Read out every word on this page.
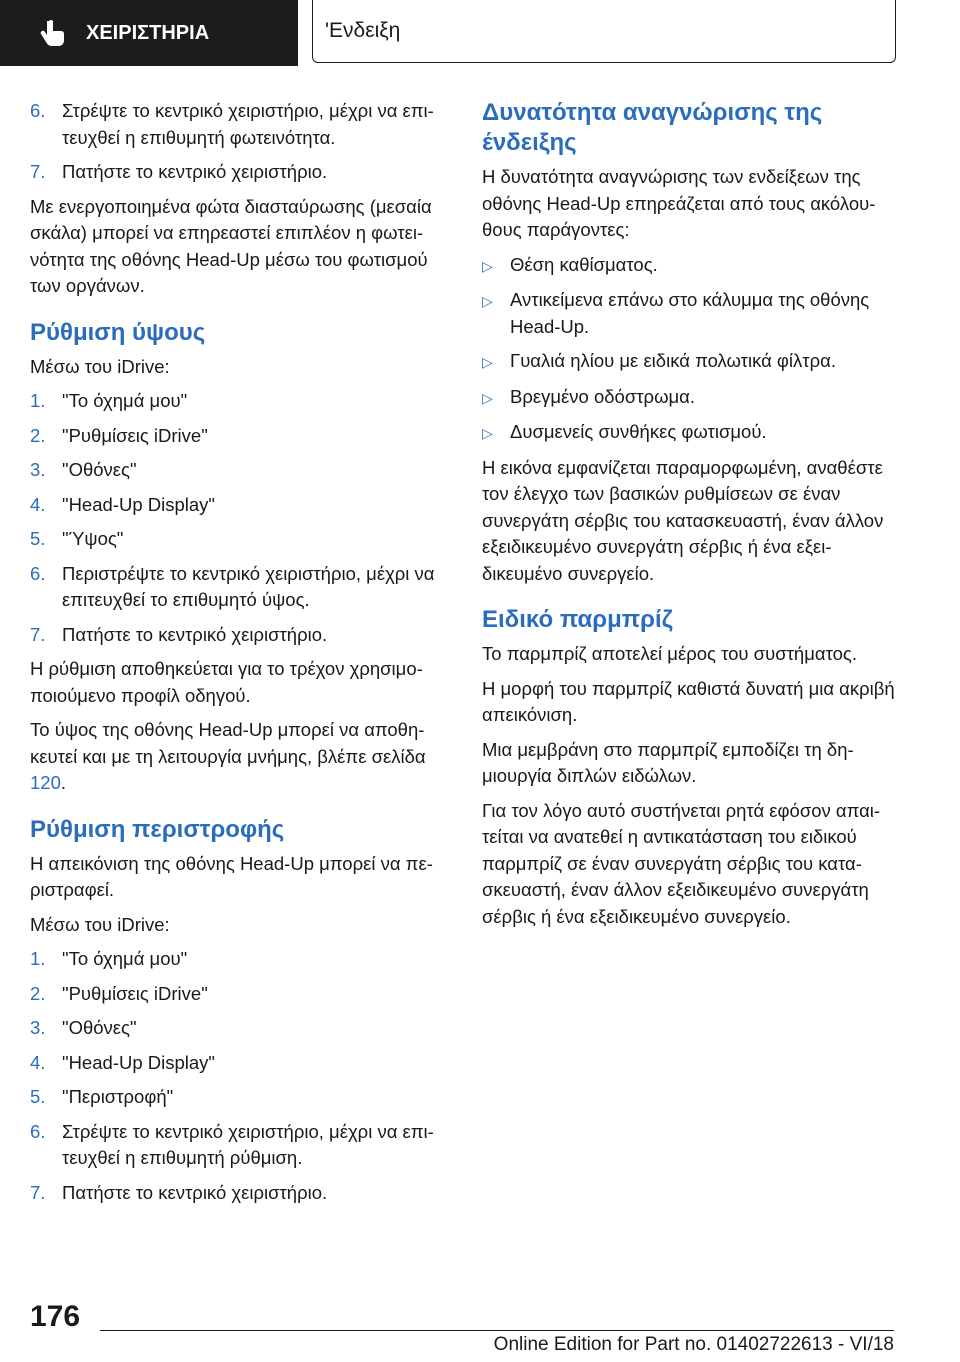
ΧΕΙΡΙΣΤΗΡΙΑ	'Ενδειξη
6. Στρέψτε το κεντρικό χειριστήριο, μέχρι να επιτευχθεί η επιθυμητή φωτεινότητα.
7. Πατήστε το κεντρικό χειριστήριο.

Με ενεργοποιημένα φώτα διασταύρωσης (μεσαία σκάλα) μπορεί να επηρεαστεί επιπλέον η φωτεινότητα της οθόνης Head-Up μέσω του φωτισμού των οργάνων.

Ρύθμιση ύψους

Μέσω του iDrive:

1. "Το όχημά μου"
2. "Ρυθμίσεις iDrive"
3. "Οθόνες"
4. "Head-Up Display"
5. "Ύψος"
6. Περιστρέψτε το κεντρικό χειριστήριο, μέχρι να επιτευχθεί το επιθυμητό ύψος.
7. Πατήστε το κεντρικό χειριστήριο.

Η ρύθμιση αποθηκεύεται για το τρέχον χρησιμοποιούμενο προφίλ οδηγού.

Το ύψος της οθόνης Head-Up μπορεί να αποθηκευτεί και με τη λειτουργία μνήμης, βλέπε σελίδα 120.

Ρύθμιση περιστροφής

Η απεικόνιση της οθόνης Head-Up μπορεί να περιστραφεί.

Μέσω του iDrive:

1. "Το όχημά μου"
2. "Ρυθμίσεις iDrive"
3. "Οθόνες"
4. "Head-Up Display"
5. "Περιστροφή"
6. Στρέψτε το κεντρικό χειριστήριο, μέχρι να επιτευχθεί η επιθυμητή ρύθμιση.
7. Πατήστε το κεντρικό χειριστήριο.
Δυνατότητα αναγνώρισης της ένδειξης

Η δυνατότητα αναγνώρισης των ενδείξεων της οθόνης Head-Up επηρεάζεται από τους ακόλουθους παράγοντες:

▷ Θέση καθίσματος.
▷ Αντικείμενα επάνω στο κάλυμμα της οθόνης Head-Up.
▷ Γυαλιά ηλίου με ειδικά πολωτικά φίλτρα.
▷ Βρεγμένο οδόστρωμα.
▷ Δυσμενείς συνθήκες φωτισμού.

Η εικόνα εμφανίζεται παραμορφωμένη, αναθέστε τον έλεγχο των βασικών ρυθμίσεων σε έναν συνεργάτη σέρβις του κατασκευαστή, έναν άλλον εξειδικευμένο συνεργάτη σέρβις ή ένα εξειδικευμένο συνεργείο.

Ειδικό παρμπρίζ

Το παρμπρίζ αποτελεί μέρος του συστήματος.

Η μορφή του παρμπρίζ καθιστά δυνατή μια ακριβή απεικόνιση.

Μια μεμβράνη στο παρμπρίζ εμποδίζει τη δημιουργία διπλών ειδώλων.

Για τον λόγο αυτό συστήνεται ρητά εφόσον απαιτείται να ανατεθεί η αντικατάσταση του ειδικού παρμπρίζ σε έναν συνεργάτη σέρβις του κατασκευαστή, έναν άλλον εξειδικευμένο συνεργάτη σέρβις ή ένα εξειδικευμένο συνεργείο.

176
Online Edition for Part no. 01402722613 - VI/18
